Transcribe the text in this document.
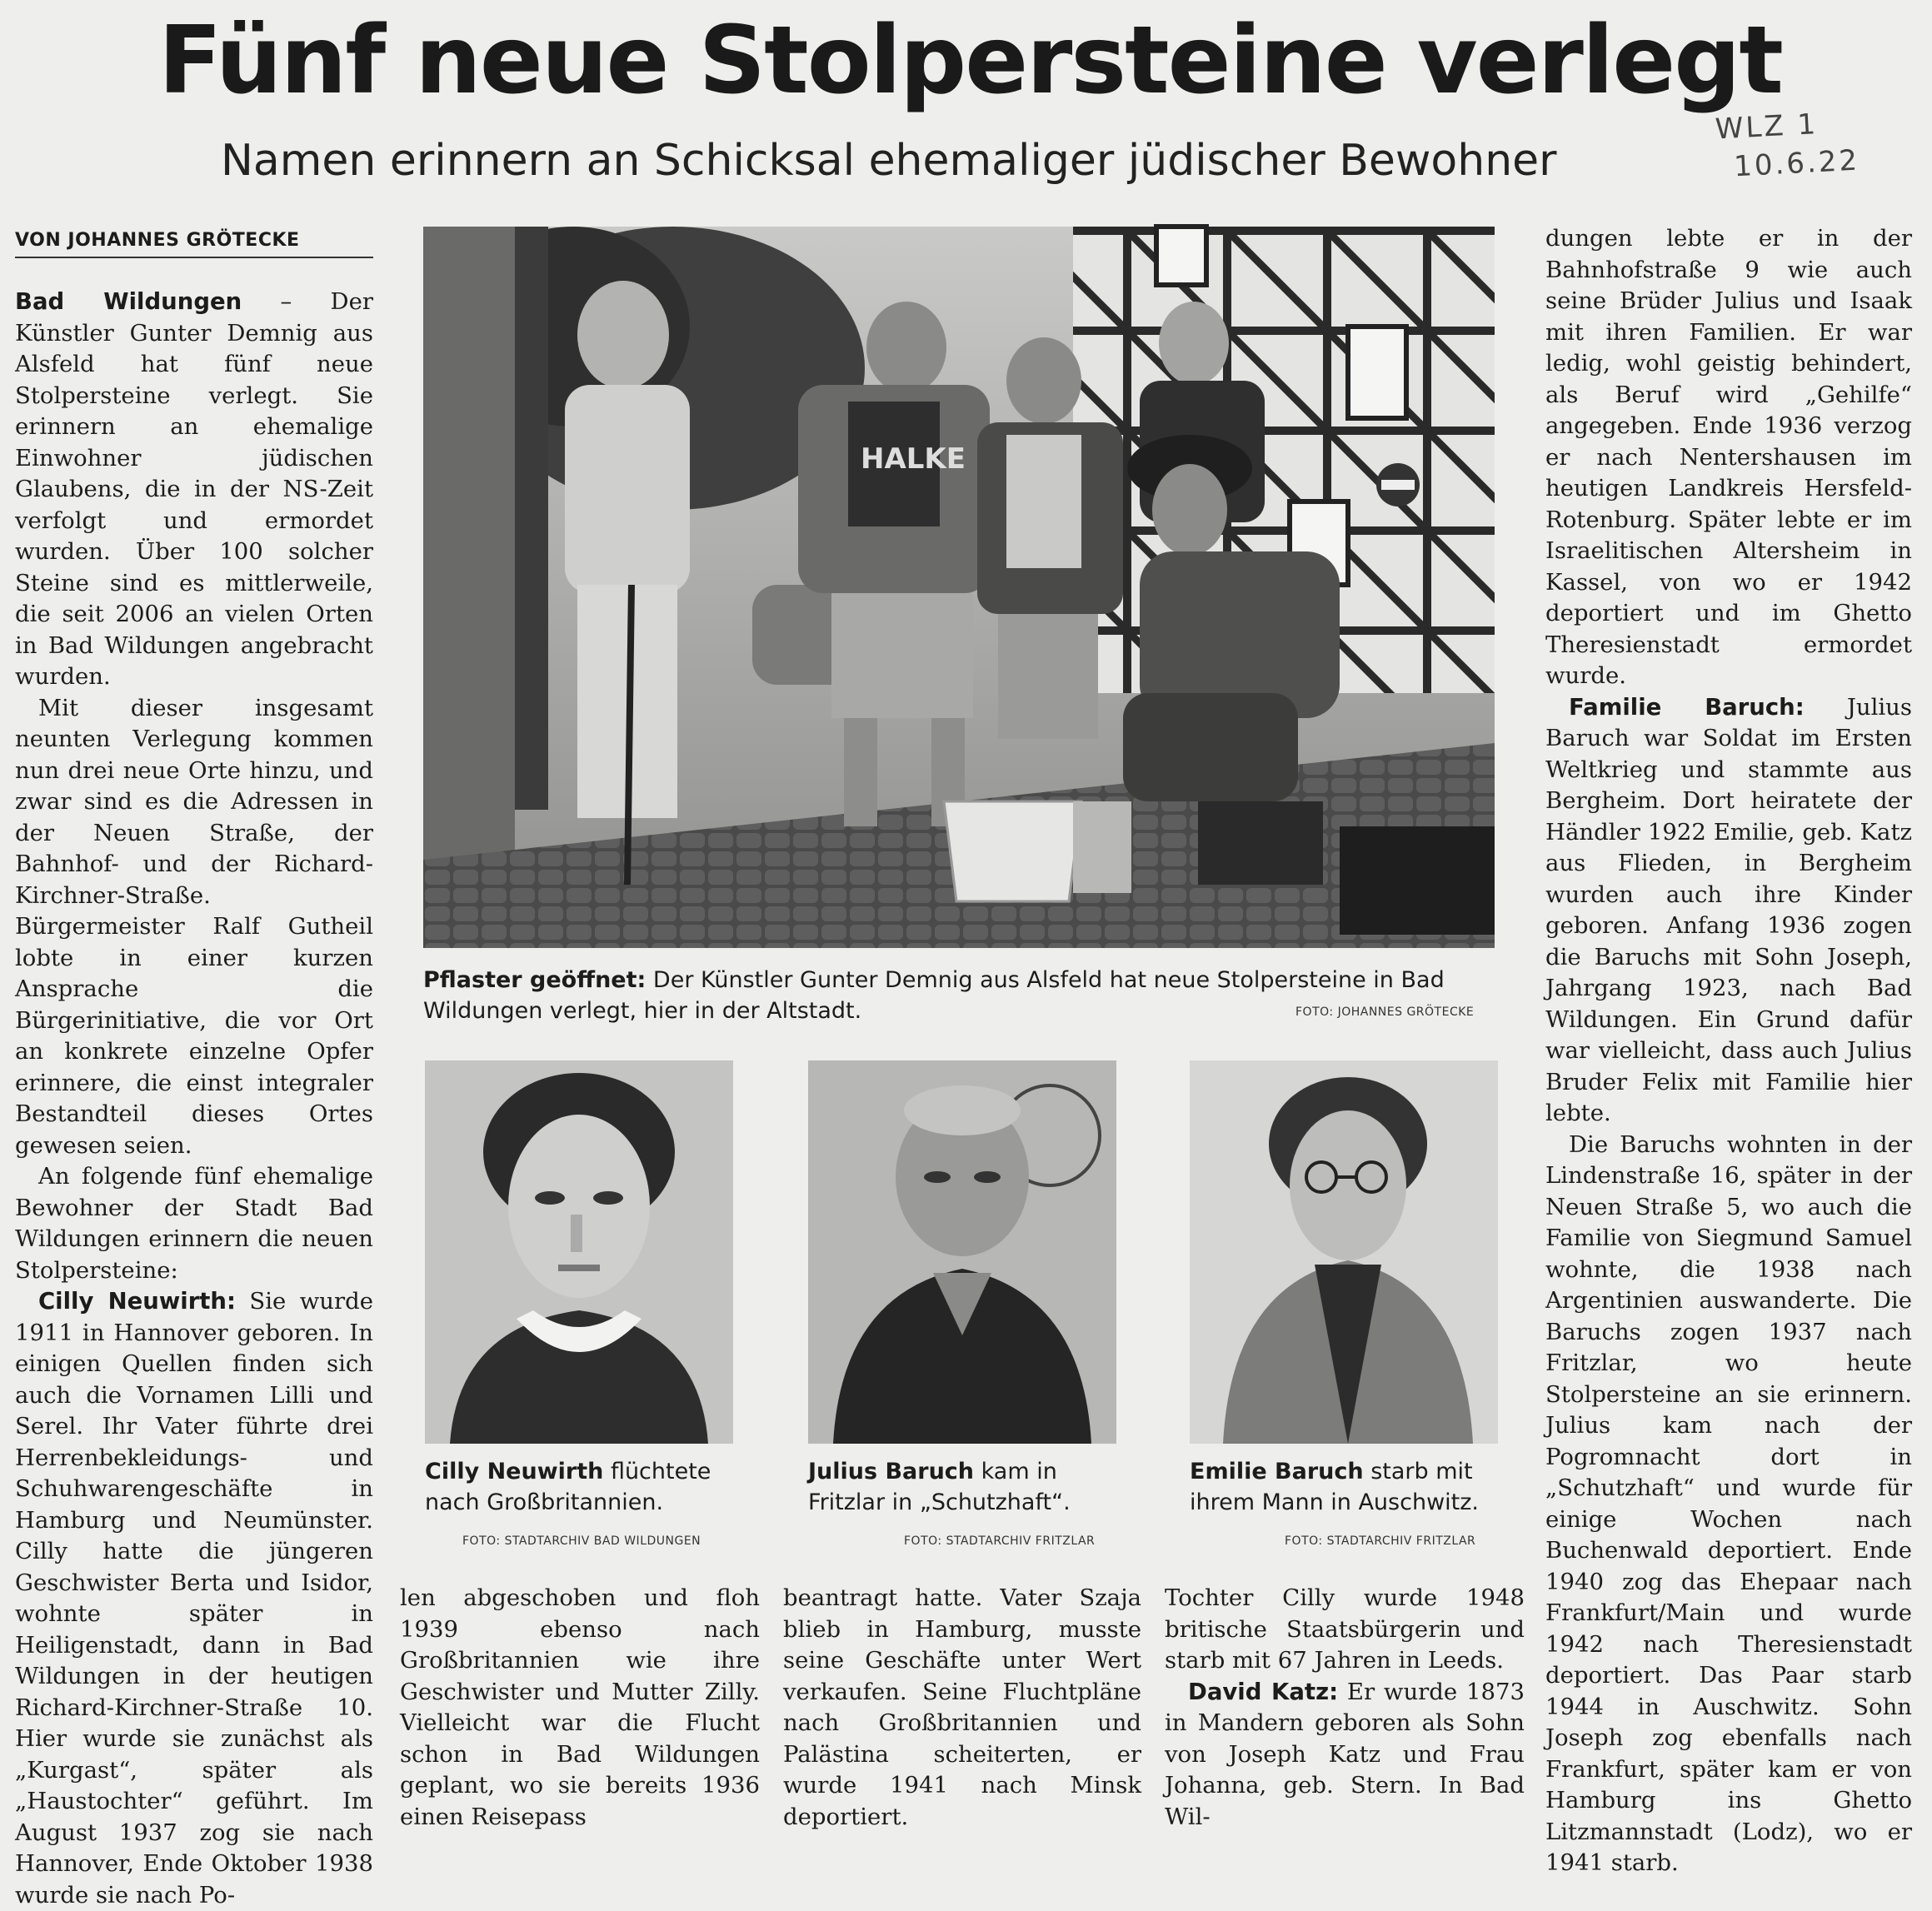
Fünf neue Stolpersteine verlegt
Namen erinnern an Schicksal ehemaliger jüdischer Bewohner
WLZ 1
10.6.22
VON JOHANNES GRÖTECKE

Bad Wildungen – Der Künstler Gunter Demnig aus Alsfeld hat fünf neue Stolpersteine verlegt. Sie erinnern an ehemalige Einwohner jüdischen Glaubens, die in der NS-Zeit verfolgt und ermordet wurden. Über 100 solcher Steine sind es mittlerweile, die seit 2006 an vielen Orten in Bad Wildungen angebracht wurden.

Mit dieser insgesamt neunten Verlegung kommen nun drei neue Orte hinzu, und zwar sind es die Adressen in der Neuen Straße, der Bahnhof- und der Richard-Kirchner-Straße. Bürgermeister Ralf Gutheil lobte in einer kurzen Ansprache die Bürgerinitiative, die vor Ort an konkrete einzelne Opfer erinnere, die einst integraler Bestandteil dieses Ortes gewesen seien.

An folgende fünf ehemalige Bewohner der Stadt Bad Wildungen erinnern die neuen Stolpersteine:

Cilly Neuwirth: Sie wurde 1911 in Hannover geboren. In einigen Quellen finden sich auch die Vornamen Lilli und Serel. Ihr Vater führte drei Herrenbekleidungs- und Schuhwarengeschäfte in Hamburg und Neumünster. Cilly hatte die jüngeren Geschwister Berta und Isidor, wohnte später in Heiligenstadt, dann in Bad Wildungen in der heutigen Richard-Kirchner-Straße 10. Hier wurde sie zunächst als „Kurgast“, später als „Haustochter“ geführt. Im August 1937 zog sie nach Hannover, Ende Oktober 1938 wurde sie nach Po-

HALKE
Pflaster geöffnet: Der Künstler Gunter Demnig aus Alsfeld hat neue Stolpersteine in Bad Wildungen verlegt, hier in der Altstadt.	FOTO: JOHANNES GRÖTECKE
Cilly Neuwirth flüchtete nach Großbritannien.
Julius Baruch kam in Fritzlar in „Schutzhaft“.
Emilie Baruch starb mit ihrem Mann in Auschwitz.
FOTO: STADTARCHIV BAD WILDUNGEN	FOTO: STADTARCHIV FRITZLAR	FOTO: STADTARCHIV FRITZLAR

len abgeschoben und floh 1939 ebenso nach Großbritannien wie ihre Geschwister und Mutter Zilly. Vielleicht war die Flucht schon in Bad Wildungen geplant, wo sie bereits 1936 einen Reisepass

beantragt hatte. Vater Szaja blieb in Hamburg, musste seine Geschäfte unter Wert verkaufen. Seine Fluchtpläne nach Großbritannien und Palästina scheiterten, er wurde 1941 nach Minsk deportiert.

Tochter Cilly wurde 1948 britische Staatsbürgerin und starb mit 67 Jahren in Leeds.

David Katz: Er wurde 1873 in Mandern geboren als Sohn von Joseph Katz und Frau Johanna, geb. Stern. In Bad Wil-

dungen lebte er in der Bahnhofstraße 9 wie auch seine Brüder Julius und Isaak mit ihren Familien. Er war ledig, wohl geistig behindert, als Beruf wird „Gehilfe“ angegeben. Ende 1936 verzog er nach Nentershausen im heutigen Landkreis Hersfeld-Rotenburg. Später lebte er im Israelitischen Altersheim in Kassel, von wo er 1942 deportiert und im Ghetto Theresienstadt ermordet wurde.

Familie Baruch: Julius Baruch war Soldat im Ersten Weltkrieg und stammte aus Bergheim. Dort heiratete der Händler 1922 Emilie, geb. Katz aus Flieden, in Bergheim wurden auch ihre Kinder geboren. Anfang 1936 zogen die Baruchs mit Sohn Joseph, Jahrgang 1923, nach Bad Wildungen. Ein Grund dafür war vielleicht, dass auch Julius Bruder Felix mit Familie hier lebte.

Die Baruchs wohnten in der Lindenstraße 16, später in der Neuen Straße 5, wo auch die Familie von Siegmund Samuel wohnte, die 1938 nach Argentinien auswanderte. Die Baruchs zogen 1937 nach Fritzlar, wo heute Stolpersteine an sie erinnern. Julius kam nach der Pogromnacht dort in „Schutzhaft“ und wurde für einige Wochen nach Buchenwald deportiert. Ende 1940 zog das Ehepaar nach Frankfurt/Main und wurde 1942 nach Theresienstadt deportiert. Das Paar starb 1944 in Auschwitz. Sohn Joseph zog ebenfalls nach Frankfurt, später kam er von Hamburg ins Ghetto Litzmannstadt (Lodz), wo er 1941 starb.
